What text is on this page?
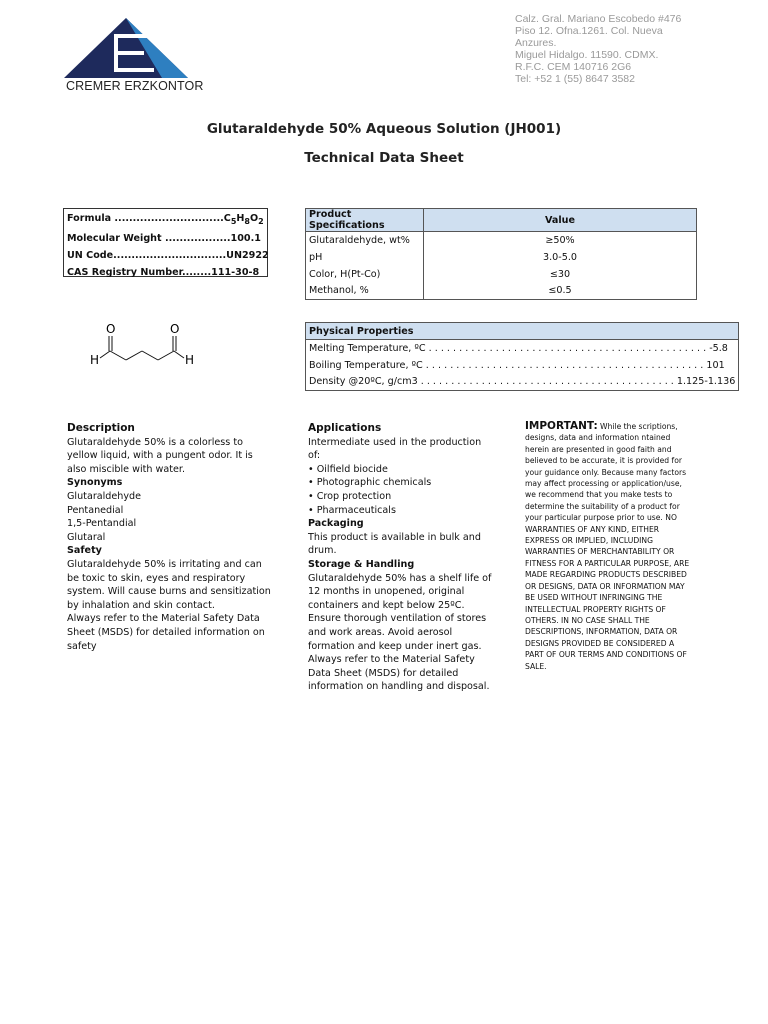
CREMER ERZKONTOR
Calz. Gral. Mariano Escobedo #476
Piso 12. Ofna.1261. Col. Nueva
Anzures.
Miguel Hidalgo. 11590. CDMX.
R.F.C. CEM 140716 2G6
Tel: +52 1 (55) 8647 3582
Glutaraldehyde 50% Aqueous Solution (JH001)
Technical Data Sheet
Formula $..............................C_5H_8O_2$
Molecular Weight ..................100.1
UN Code...............................UN2922
CAS Registry Number........111-30-8
Product Specifications	Value
Glutaraldehyde, wt%	≥50%
pH	3.0-5.0
Color, H(Pt-Co)	≤30
Methanol, %	≤0.5
Physical Properties
Melting Temperature, ºC . . . . . . . . . . . . . . . . . . . . . . . . . . . . . . . . . . . . . . . . . . . . . . -5.8
Boiling Temperature, ºC . . . . . . . . . . . . . . . . . . . . . . . . . . . . . . . . . . . . . . . . . . . . . . 101
Density @20ºC, g/cm3 . . . . . . . . . . . . . . . . . . . . . . . . . . . . . . . . . . . . . . . . . . 1.125-1.136
O	O
H	H
Description
Glutaraldehyde 50% is a colorless to yellow liquid, with a pungent odor. It is also miscible with water.
Synonyms
Glutaraldehyde
Pentanedial
1,5-Pentandial
Glutaral
Safety
Glutaraldehyde 50% is irritating and can be toxic to skin, eyes and respiratory system. Will cause burns and sensitization by inhalation and skin contact.
Always refer to the Material Safety Data Sheet (MSDS) for detailed information on safety
Applications
Intermediate used in the production of:
• Oilfield biocide
• Photographic chemicals
• Crop protection
• Pharmaceuticals
Packaging
This product is available in bulk and drum.
Storage & Handling
Glutaraldehyde 50% has a shelf life of 12 months in unopened, original containers and kept below 25ºC. Ensure thorough ventilation of stores and work areas. Avoid aerosol formation and keep under inert gas. Always refer to the Material Safety Data Sheet (MSDS) for detailed information on handling and disposal.
IMPORTANT: While the scriptions, designs, data and information ntained herein are presented in good faith and believed to be accurate, it is provided for your guidance only. Because many factors may affect processing or application/use, we recommend that you make tests to determine the suitability of a product for your particular purpose prior to use. NO WARRANTIES OF ANY KIND, EITHER EXPRESS OR IMPLIED, INCLUDING WARRANTIES OF MERCHANTABILITY OR FITNESS FOR A PARTICULAR PURPOSE, ARE MADE REGARDING PRODUCTS DESCRIBED OR DESIGNS, DATA OR INFORMATION MAY BE USED WITHOUT INFRINGING THE INTELLECTUAL PROPERTY RIGHTS OF OTHERS. IN NO CASE SHALL THE DESCRIPTIONS, INFORMATION, DATA OR DESIGNS PROVIDED BE CONSIDERED A PART OF OUR TERMS AND CONDITIONS OF SALE.
